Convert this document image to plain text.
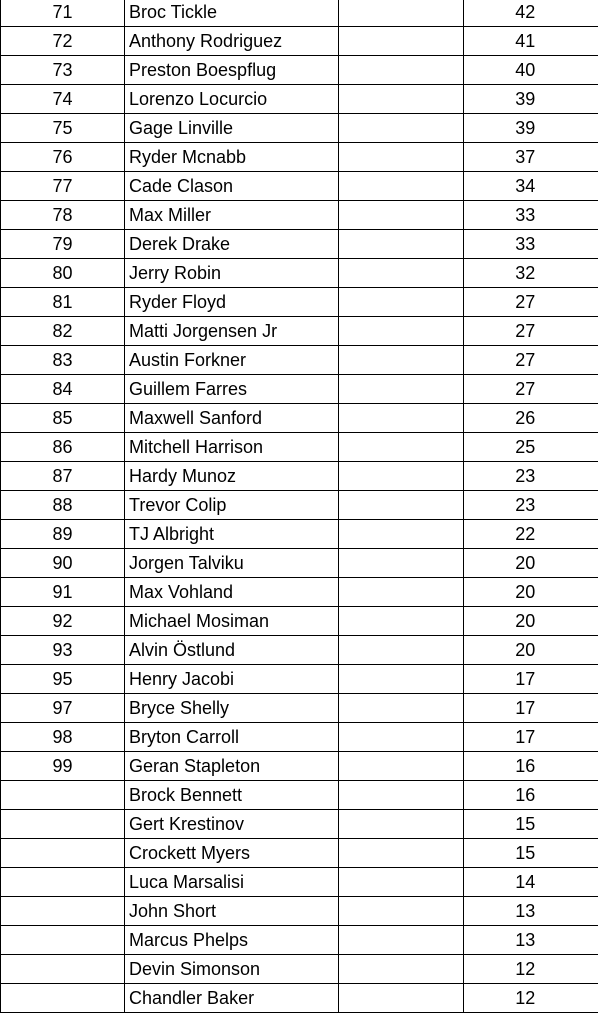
71	Broc Tickle		42
72	Anthony Rodriguez		41
73	Preston Boespflug		40
74	Lorenzo Locurcio		39
75	Gage Linville		39
76	Ryder Mcnabb		37
77	Cade Clason		34
78	Max Miller		33
79	Derek Drake		33
80	Jerry Robin		32
81	Ryder Floyd		27
82	Matti Jorgensen Jr		27
83	Austin Forkner		27
84	Guillem Farres		27
85	Maxwell Sanford		26
86	Mitchell Harrison		25
87	Hardy Munoz		23
88	Trevor Colip		23
89	TJ Albright		22
90	Jorgen Talviku		20
91	Max Vohland		20
92	Michael Mosiman		20
93	Alvin Östlund		20
95	Henry Jacobi		17
97	Bryce Shelly		17
98	Bryton Carroll		17
99	Geran Stapleton		16
	Brock Bennett		16
	Gert Krestinov		15
	Crockett Myers		15
	Luca Marsalisi		14
	John Short		13
	Marcus Phelps		13
	Devin Simonson		12
	Chandler Baker		12
